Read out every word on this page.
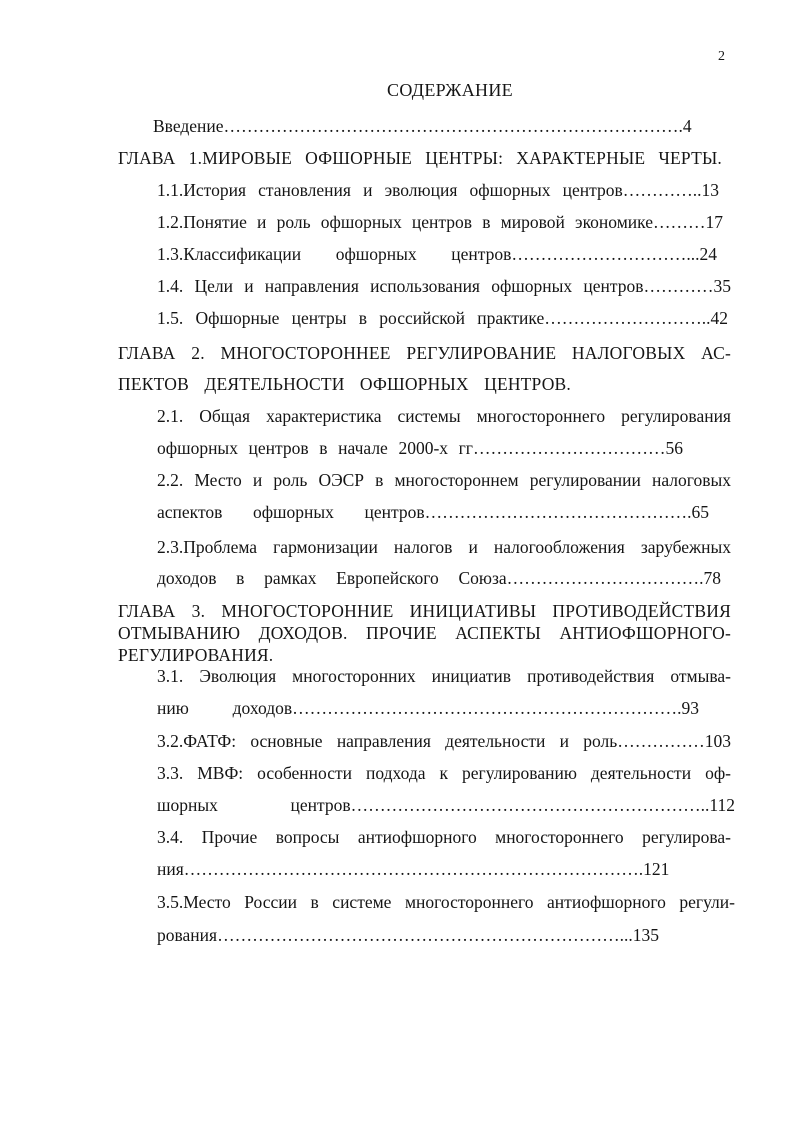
2
СОДЕРЖАНИЕ
Введение…………………………………………………………………….4
ГЛАВА 1.МИРОВЫЕ ОФШОРНЫЕ ЦЕНТРЫ: ХАРАКТЕРНЫЕ ЧЕРТЫ.
1.1.История становления и эволюция офшорных центров…………..13
1.2.Понятие и роль офшорных центров в мировой экономике………17
1.3.Классификации офшорных центров…………………………...24
1.4. Цели и направления использования офшорных центров…………35
1.5. Офшорные центры в российской практике………………………..42
ГЛАВА 2. МНОГОСТОРОННЕЕ РЕГУЛИРОВАНИЕ НАЛОГОВЫХ АС-
ПЕКТОВ ДЕЯТЕЛЬНОСТИ ОФШОРНЫХ ЦЕНТРОВ.
2.1. Общая характеристика системы многостороннего регулирования
офшорных центров в начале 2000-х гг……………………………56
2.2. Место и роль ОЭСР в многостороннем регулировании налоговых
аспектов офшорных центров……………………………………….65
2.3.Проблема гармонизации налогов и налогообложения зарубежных
доходов в рамках Европейского Союза…………………………….78
ГЛАВА 3. МНОГОСТОРОННИЕ ИНИЦИАТИВЫ ПРОТИВОДЕЙСТВИЯ
ОТМЫВАНИЮ ДОХОДОВ. ПРОЧИЕ АСПЕКТЫ АНТИОФШОРНОГО-
РЕГУЛИРОВАНИЯ.
3.1. Эволюция многосторонних инициатив противодействия отмыва-
нию доходов………………………………………………………….93
3.2.ФАТФ: основные направления деятельности и роль……………103
3.3. МВФ: особенности подхода к регулированию деятельности оф-
шорных центров……………………………………………………..112
3.4. Прочие вопросы антиофшорного многостороннего регулирова-
ния…………………………………………………………………….121
3.5.Место России в системе многостороннего антиофшорного регули-
рования……………………………………………………………...135
